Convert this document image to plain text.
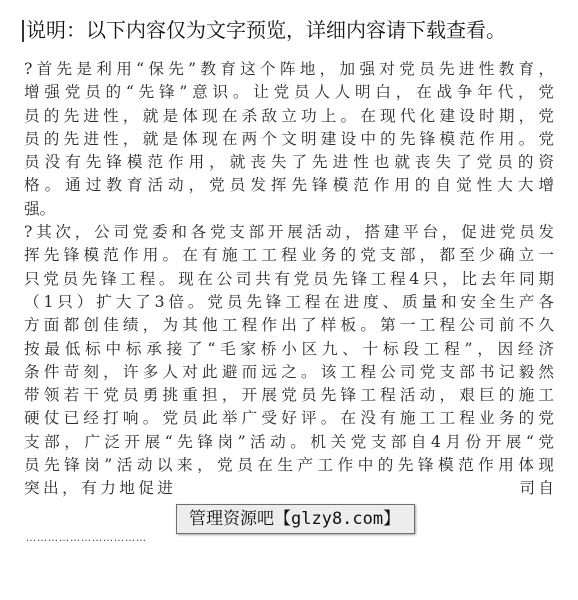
说明：以下内容仅为文字预览，详细内容请下载查看。
?首先是利用“保先”教育这个阵地，加强对党员先进性教育，
增强党员的“先锋”意识。让党员人人明白，在战争年代，党
员的先进性，就是体现在杀敌立功上。在现代化建设时期，党
员的先进性，就是体现在两个文明建设中的先锋模范作用。党
员没有先锋模范作用，就丧失了先进性也就丧失了党员的资
格。通过教育活动，党员发挥先锋模范作用的自觉性大大增
强。
?其次，公司党委和各党支部开展活动，搭建平台，促进党员发
挥先锋模范作用。在有施工工程业务的党支部，都至少确立一
只党员先锋工程。现在公司共有党员先锋工程4只，比去年同期
（1只）扩大了3倍。党员先锋工程在进度、质量和安全生产各
方面都创佳绩，为其他工程作出了样板。第一工程公司前不久
按最低标中标承接了“毛家桥小区九、十标段工程”，因经济
条件苛刻，许多人对此避而远之。该工程公司党支部书记毅然
带领若干党员勇挑重担，开展党员先锋工程活动，艰巨的施工
硬仗已经打响。党员此举广受好评。在没有施工工程业务的党
支部，广泛开展“先锋岗”活动。机关党支部自4月份开展“党
员先锋岗”活动以来，党员在生产工作中的先锋模范作用体现
突出，有力地促进　　　　　　　　　　　　　　　　　　司自
管理资源吧【glzy8.com】
……………………………
